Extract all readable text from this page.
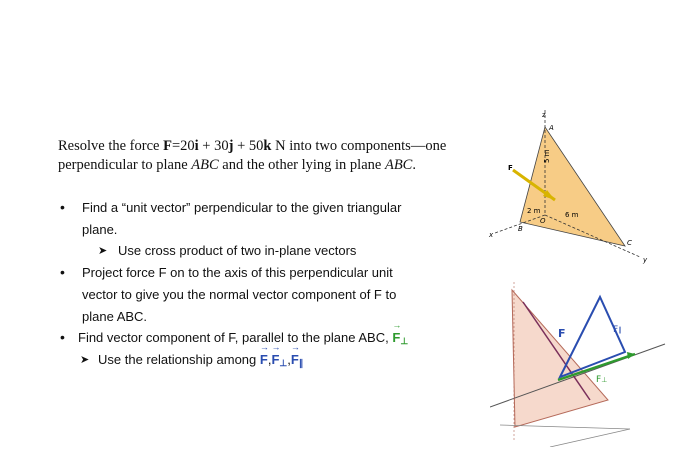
Resolve the force F=20i + 30j + 50k N into two components—one

perpendicular to plane ABC and the other lying in plane ABC.

• Find a “unit vector” perpendicular to the given triangular
plane.
➤ Use cross product of two in-plane vectors
• Project force F on to the axis of this perpendicular unit
vector to give you the normal vector component of F to
plane ABC.
• Find vector component of F, parallel to the plane ABC, → $F_\perp$
➤ Use the relationship among → $F,\to F_\perp,\to F_\parallel$
z
A
F
5 m
2 m
O
6 m
B
C
x
y
F	F∥
F⊥
